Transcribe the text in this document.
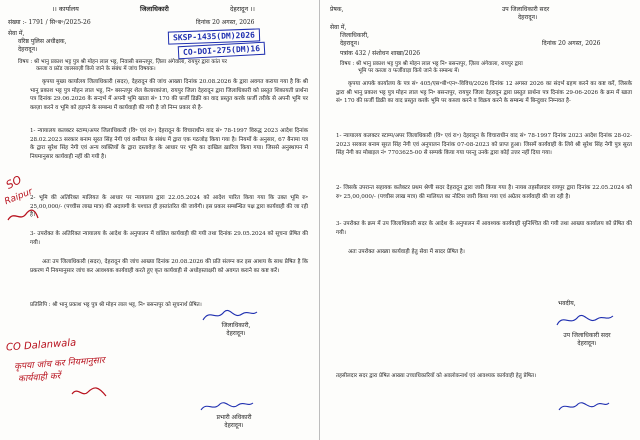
।। कार्यालय	जिलाधिकारी	देहरादून ।।
संख्या :- 1791 / सि॰ब॰/2025-26	दिनांक 20 अगस्त, 2026
सेवा में,
वरिष्ठ पुलिस अधीक्षक,
देहरादून।
SKSP-1435(DM)2026
CO-DOI-275(DM)16
विषय : श्री भानु प्रकाश भट्ट पुत्र श्री मोहन लाल भट्ट, निवासी बसन्तपुर, ज़िला अंगेवाला, रायपुर द्वारा कांत पर
कब्जा व फ्रॉड जालसाज़ी किये जाने के संबंध में जांच विषयक।
कृपया मुख्य कार्यालय जिलाधिकारी (सदर), देहरादून की जांच आख्या दिनांक 20.08.2026 के द्वारा अवगत कराया गया है कि श्री भानु प्रकाश भट्ट पुत्र मोहन लाल भट्ट, नि॰ बसन्तपुर शेल केलारकांजा, रायपुर जिला देहरादून द्वारा जिलाधिकारी को प्रस्तुत शिकायती प्रार्थना पत्र दिनांक 29.06.2026 के सन्दर्भ में अपनी भूमि खाता सं॰ 170 की फ़र्जी डिक्री का वाद प्रस्तुत करके फ़र्जी तरीके से अपनी भूमि पर कब्ज़ा करने व भूमि को हड़पने के सम्बन्ध में कार्यवाही की गयी है जो निम्न प्रकार से है-
1- न्यायालय कलक्टर स्टाम्प/अपर जिलाधिकारी (वि॰ एवं रा॰) देहरादून के विचाराधीन वाद सं॰ 78-1997 विरुद्ध 2023 आदेश दिनांक 28.02.2023 सरकार बनाम सूरत सिंह नेगी एवं वसीयत के संबंध में द्वारा एक गठजोड़ किया गया है। नियमों के अनुसार, 67 बैनामा पत्र के द्वारा सुरेश सिंह नेगी एवं अन्य व्यक्तियों के द्वारा दस्तावेज़ के आधार पर भूमि का दाखिल ख़ारिज किया गया। जिससे अनुस्थापन में नियमानुसार कार्यवाही नहीं की गयी है।
2- भूमि की अतिरिक्त मालियत के आधार पर न्यायालय द्वारा 22.05.2024 को आदेश पारित किया गया कि उक्त भूमि रु॰ 25,00,000/- (पच्चीस लाख मात्र) की अदायगी के पश्चात ही हस्तांतरित की जायेगी। इस प्रकार सम्बन्धित पक्ष द्वारा कार्यवाही की जा रही है।
3- उपरोक्त के अतिरिक्त न्यायालय के आदेश के अनुपालन में वांछित कार्यवाही की गयी तथा दिनांक 29.05.2024 को सूचना प्रेषित की गयी।
अतः उप जिलाधिकारी (सदर), देहरादून की जांच आख्या दिनांक 20.08.2026 की प्रति संलग्न कर इस आशय के साथ प्रेषित है कि प्रकरण में नियमानुसार जांच कर आवश्यक कार्यवाही करते हुए कृत कार्यवाही से अधोहस्ताक्षरी को अवगत कराने का कष्ट करें।
SO
Raipur
प्रतिलिपि : श्री भानु प्रकाश भट्ट पुत्र श्री मोहन लाल भट्ट, नि॰ बसन्तपुर को सूचनार्थ प्रेषित।
जिलाधिकारी,
देहरादून।
CO Dalanwala
कृपया जांच कर नियमानुसार
कार्यवाही करें
प्रभारी अधिकारी
देहरादून।
प्रेषक,	उप जिलाधिकारी सदर
देहरादून।
सेवा में,
जिलाधिकारी,
देहरादून।	दिनांक 20 अगस्त, 2026
पत्रांक 432 / संशोधन शाखा/2026
विषय : श्री भानु प्रकाश भट्ट पुत्र श्री मोहन लाल भट्ट नि॰ बसन्तपुर, ज़िला अंगेवाला, रायपुर द्वारा
भूमि पर कब्जा व फर्जीवाड़ा किये जाने के सम्बन्ध में।
कृपया आपके कार्यालय के पत्र सं॰ 405/एस॰बी॰एन॰-विविध/2026 दिनांक 12 अगस्त 2026 का संदर्भ ग्रहण करने का कष्ट करें, जिसके द्वारा श्री भानु प्रकाश भट्ट पुत्र मोहन लाल भट्ट नि॰ बसन्तपुर, रायपुर जिला देहरादून द्वारा प्रस्तुत प्रार्थना पत्र दिनांक 29-06-2026 के क्रम में खाता सं॰ 170 की फ़र्जी डिक्री का वाद प्रस्तुत करके भूमि पर कब्जा करने व विक्रय करने के सम्बन्ध में बिन्दुवार निम्नवत है-
1- न्यायालय कलक्टर स्टाम्प/अपर जिलाधिकारी (वि॰ एवं रा॰) देहरादून के विचाराधीन वाद सं॰ 78-1997 दिनांक 2023 आदेश दिनांक 28-02-2023 सरकार बनाम सूरत सिंह नेगी एवं अनुपालन दिनांक 07-08-2023 को प्राप्त हुआ। जिसमें कार्यवाही के लिये श्री सुरेश सिंह नेगी पुत्र सूरत सिंह नेगी का मोबाइल नं॰ 7703625-00 से सम्पर्क किया गया परन्तु उनके द्वारा कोई उत्तर नहीं दिया गया।
2- जिसके उपरान्त सहायक कलेक्टर प्रथम श्रेणी सदर देहरादून द्वारा जारी किया गया है। नायब तहसीलदार रायपुर द्वारा दिनांक 22.05.2024 को रु॰ 25,00,000/- (पच्चीस लाख मात्र) की मालियत का नोटिस जारी किया गया एवं अग्रेतर कार्यवाही की जा रही है।
3- उपरोक्त के क्रम में उप जिलाधिकारी सदर के आदेश के अनुपालन में आवश्यक कार्यवाही सुनिश्चित की गयी तथा आख्या कार्यालय को प्रेषित की गयी।
अतः उपरोक्त आख्या कार्यवाही हेतु सेवा में सादर प्रेषित है।
भवदीय,
उप जिलाधिकारी सदर
देहरादून।
तहसीलदार सदर द्वारा प्रेषित आख्या उच्चाधिकारियों को अवलोकनार्थ एवं आवश्यक कार्यवाही हेतु प्रेषित।
